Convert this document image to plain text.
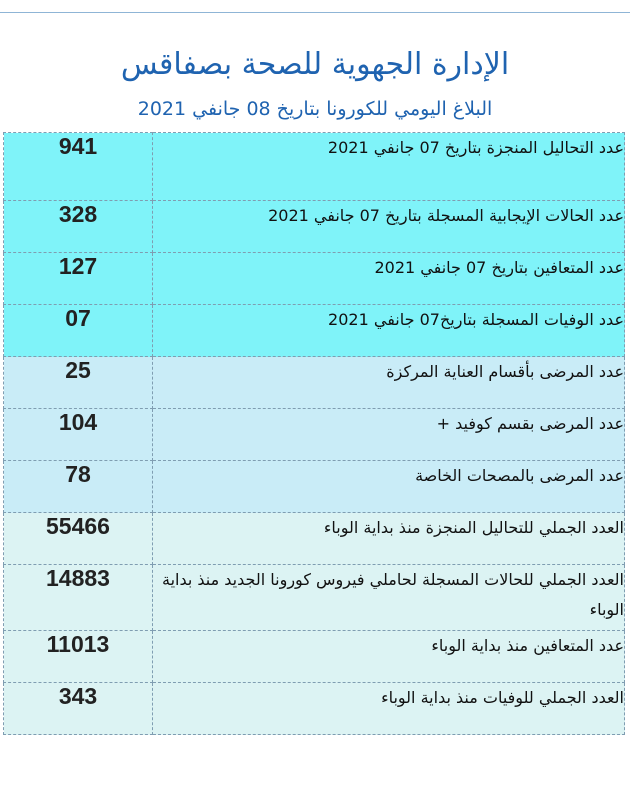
الإدارة الجهوية للصحة بصفاقس
البلاغ اليومي للكورونا بتاريخ 08 جانفي 2021
941	عدد التحاليل المنجزة بتاريخ 07 جانفي 2021
328	عدد الحالات الإيجابية المسجلة بتاريخ 07 جانفي 2021
127	عدد المتعافين بتاريخ 07 جانفي 2021
07	عدد الوفيات المسجلة بتاريخ07 جانفي 2021
25	عدد المرضى بأقسام العناية المركزة
104	عدد المرضى بقسم كوفيد +
78	عدد المرضى بالمصحات الخاصة
55466	العدد الجملي للتحاليل المنجزة منذ بداية الوباء
14883	العدد الجملي للحالات المسجلة لحاملي فيروس كورونا الجديد منذ بداية الوباء
11013	عدد المتعافين منذ بداية الوباء
343	العدد الجملي للوفيات منذ بداية الوباء
